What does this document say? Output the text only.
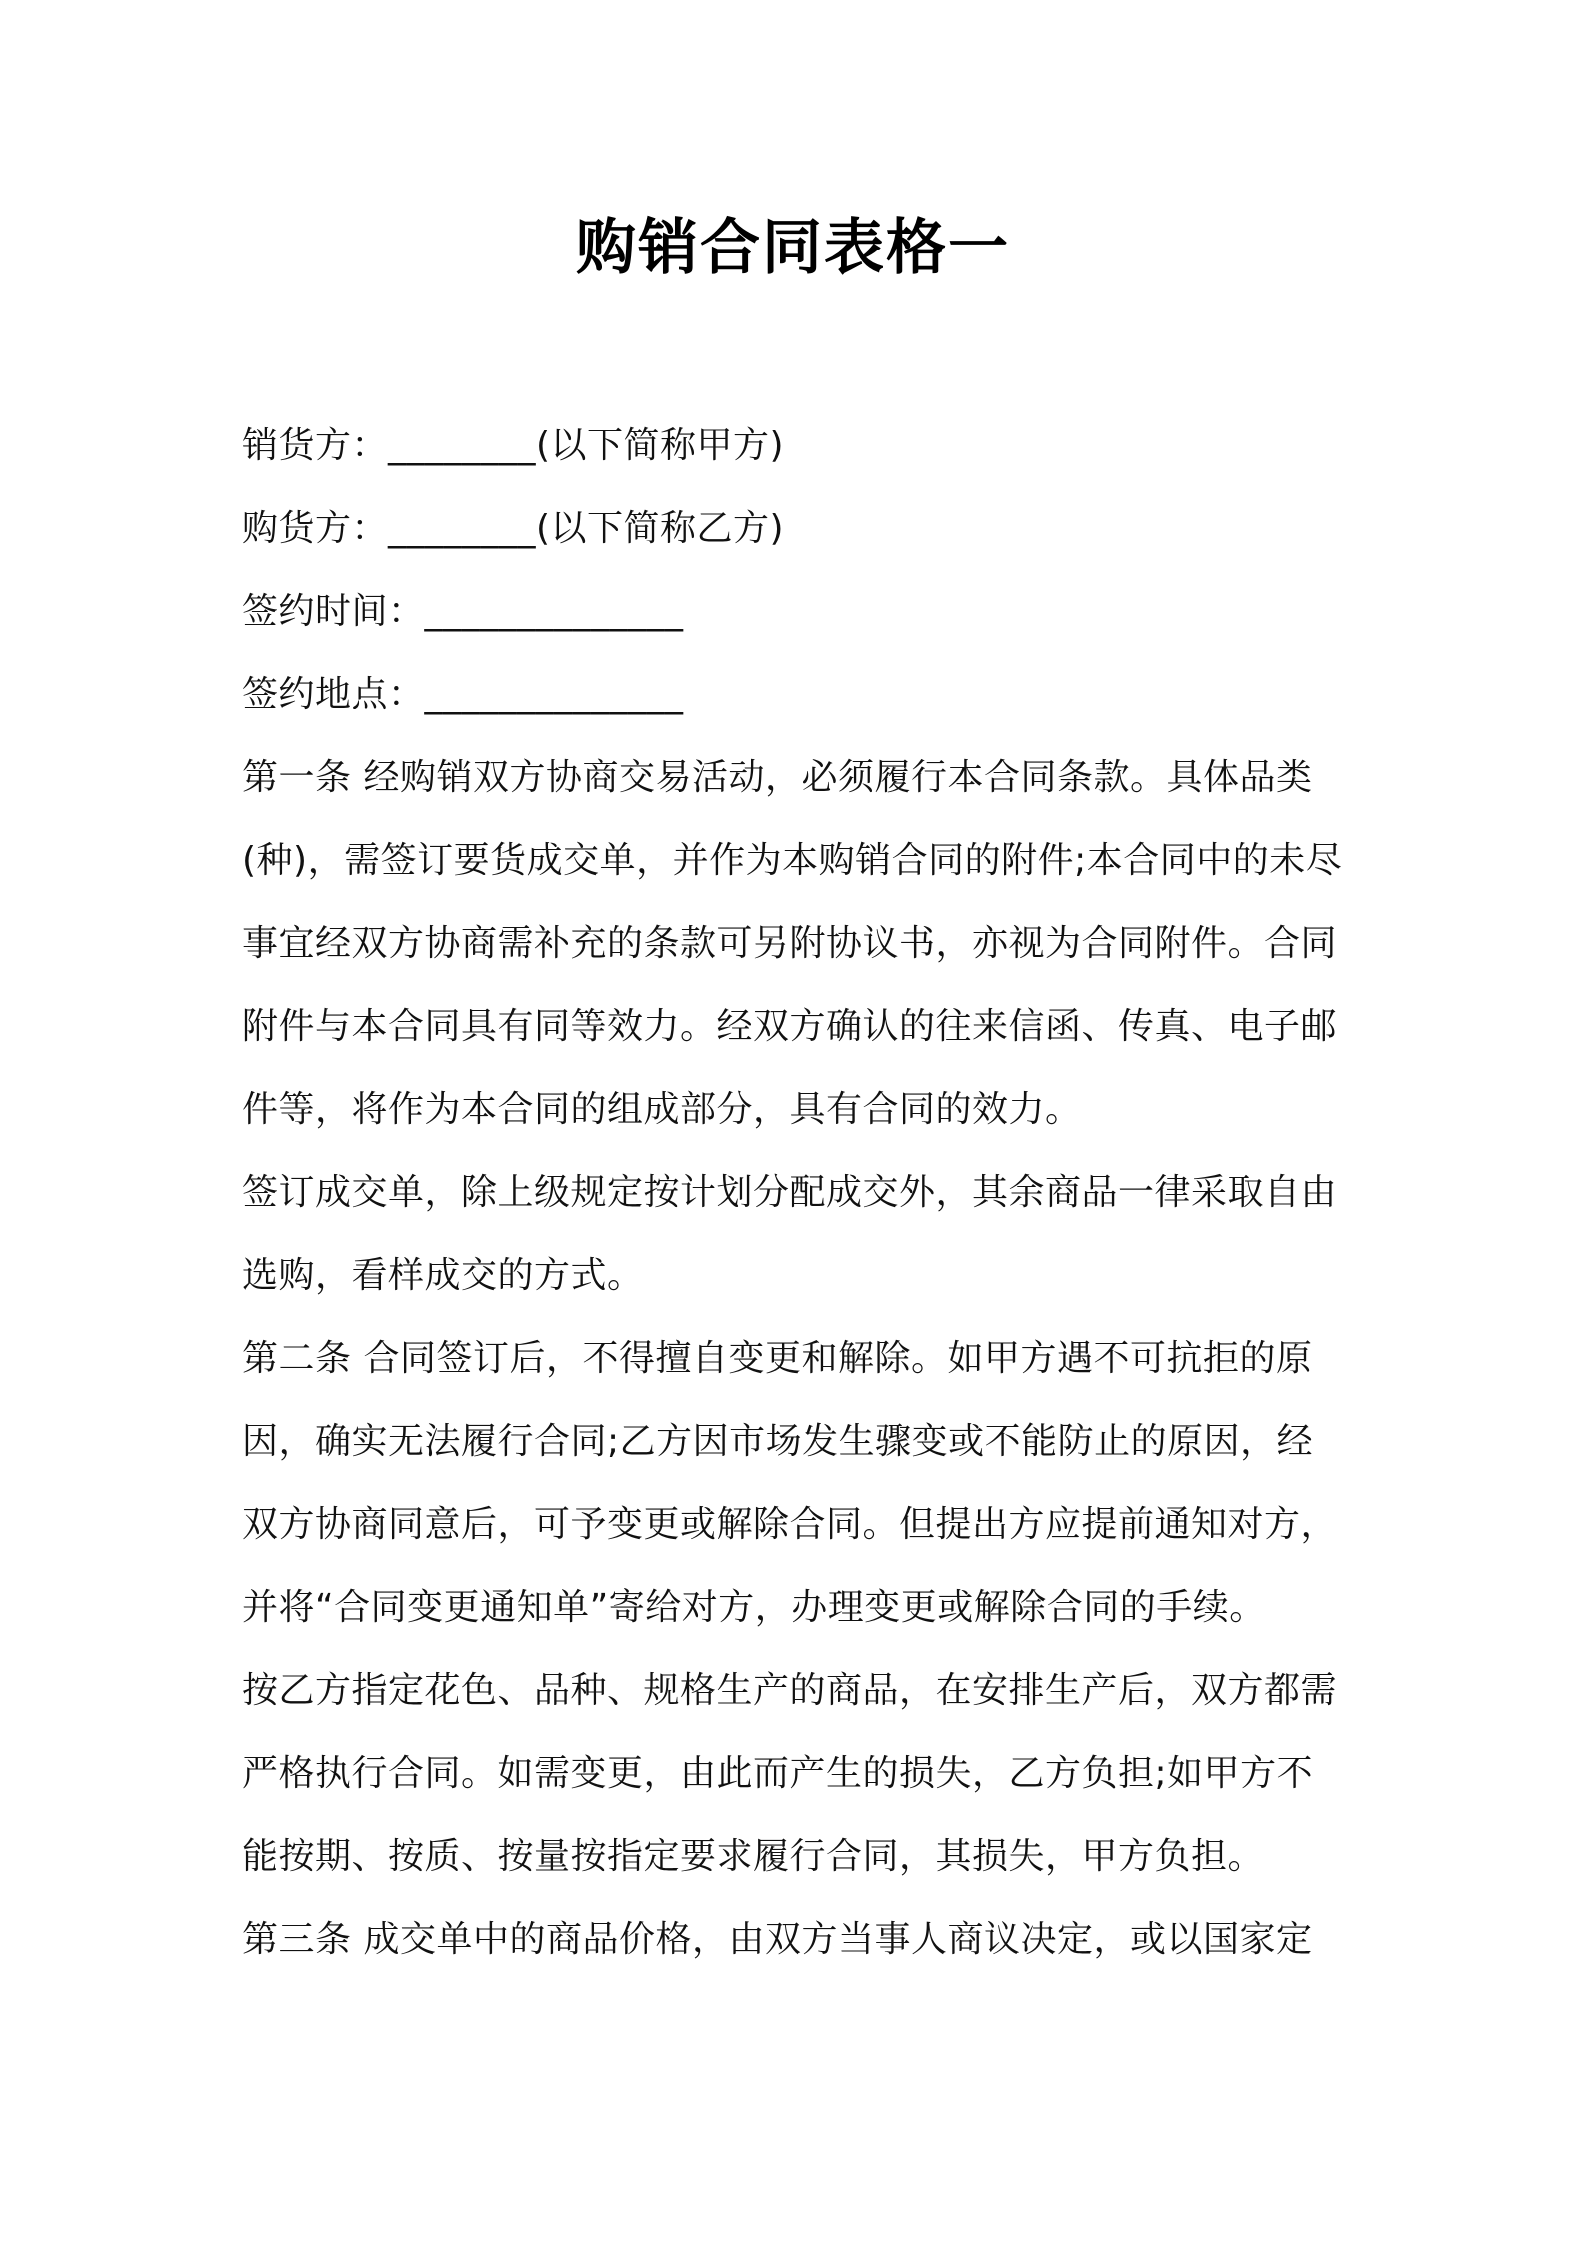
购销合同表格一
销货方：________(以下简称甲方)
购货方：________(以下简称乙方)
签约时间：______________
签约地点：______________
第一条 经购销双方协商交易活动，必须履行本合同条款。具体品类
(种)，需签订要货成交单，并作为本购销合同的附件;本合同中的未尽
事宜经双方协商需补充的条款可另附协议书，亦视为合同附件。合同
附件与本合同具有同等效力。经双方确认的往来信函、传真、电子邮
件等，将作为本合同的组成部分，具有合同的效力。
签订成交单，除上级规定按计划分配成交外，其余商品一律采取自由
选购，看样成交的方式。
第二条 合同签订后，不得擅自变更和解除。如甲方遇不可抗拒的原
因，确实无法履行合同;乙方因市场发生骤变或不能防止的原因，经
双方协商同意后，可予变更或解除合同。但提出方应提前通知对方，
并将“合同变更通知单”寄给对方，办理变更或解除合同的手续。
按乙方指定花色、品种、规格生产的商品，在安排生产后，双方都需
严格执行合同。如需变更，由此而产生的损失，乙方负担;如甲方不
能按期、按质、按量按指定要求履行合同，其损失，甲方负担。
第三条 成交单中的商品价格，由双方当事人商议决定，或以国家定
